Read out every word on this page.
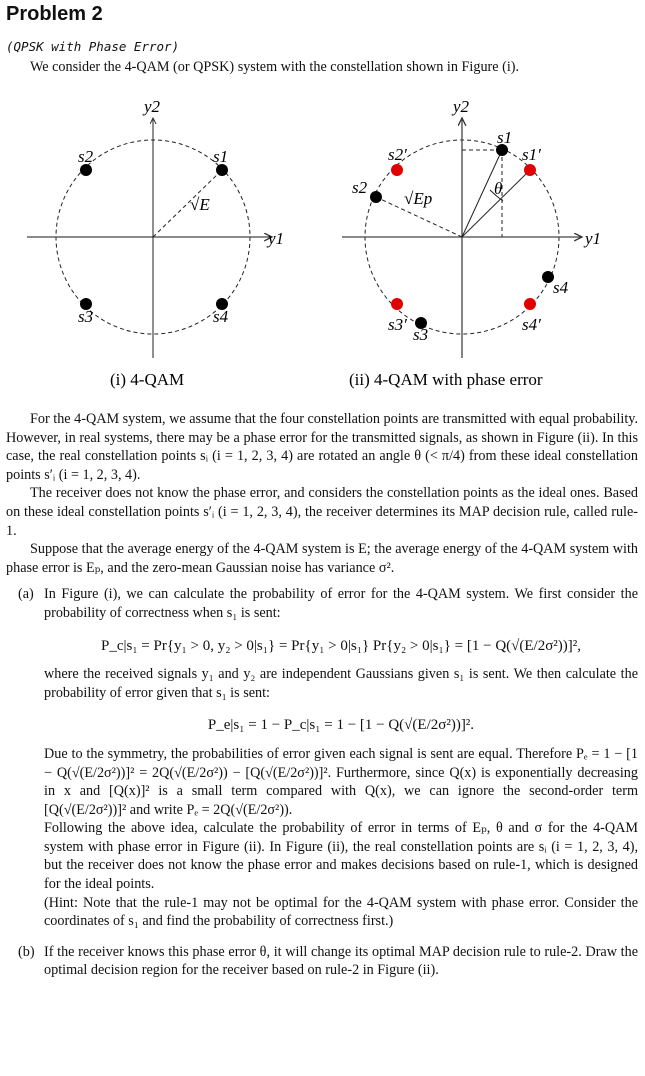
Problem 2
(QPSK with Phase Error)
We consider the 4-QAM (or QPSK) system with the constellation shown in Figure (i).
y1
y2
s1
s2
s3	s4
√E
(i) 4-QAM
y1
y2
s1
s2
s3
s4
s1′
s2′
s3′	s4′
√Ep
θ
(ii) 4-QAM with phase error

For the 4-QAM system, we assume that the four constellation points are transmitted with equal probability. However, in real systems, there may be a phase error for the transmitted signals, as shown in Figure (ii). In this case, the real constellation points sᵢ (i = 1, 2, 3, 4) are rotated an angle θ (< π/4) from these ideal constellation points s′ᵢ (i = 1, 2, 3, 4).

The receiver does not know the phase error, and considers the constellation points as the ideal ones. Based on these ideal constellation points s′ᵢ (i = 1, 2, 3, 4), the receiver determines its MAP decision rule, called rule-1.

Suppose that the average energy of the 4-QAM system is E; the average energy of the 4-QAM system with phase error is Eₚ, and the zero-mean Gaussian noise has variance σ².

(a) In Figure (i), we can calculate the probability of error for the 4-QAM system. We first consider the probability of correctness when s₁ is sent:

P_c|s₁ = Pr{y₁ > 0, y₂ > 0|s₁} = Pr{y₁ > 0|s₁} Pr{y₂ > 0|s₁} = [1 − Q(√(E/2σ²))]²,

where the received signals y₁ and y₂ are independent Gaussians given s₁ is sent. We then calculate the probability of error given that s₁ is sent:

P_e|s₁ = 1 − P_c|s₁ = 1 − [1 − Q(√(E/2σ²))]².

Due to the symmetry, the probabilities of error given each signal is sent are equal. Therefore Pₑ = 1 − [1 − Q(√(E/2σ²))]² = 2Q(√(E/2σ²)) − [Q(√(E/2σ²))]². Furthermore, since Q(x) is exponentially decreasing in x and [Q(x)]² is a small term compared with Q(x), we can ignore the second-order term [Q(√(E/2σ²))]² and write Pₑ = 2Q(√(E/2σ²)).

Following the above idea, calculate the probability of error in terms of Eₚ, θ and σ for the 4-QAM system with phase error in Figure (ii). In Figure (ii), the real constellation points are sᵢ (i = 1, 2, 3, 4), but the receiver does not know the phase error and makes decisions based on rule-1, which is designed for the ideal points.

(Hint: Note that the rule-1 may not be optimal for the 4-QAM system with phase error. Consider the coordinates of s₁ and find the probability of correctness first.)

(b) If the receiver knows this phase error θ, it will change its optimal MAP decision rule to rule-2. Draw the optimal decision region for the receiver based on rule-2 in Figure (ii).
